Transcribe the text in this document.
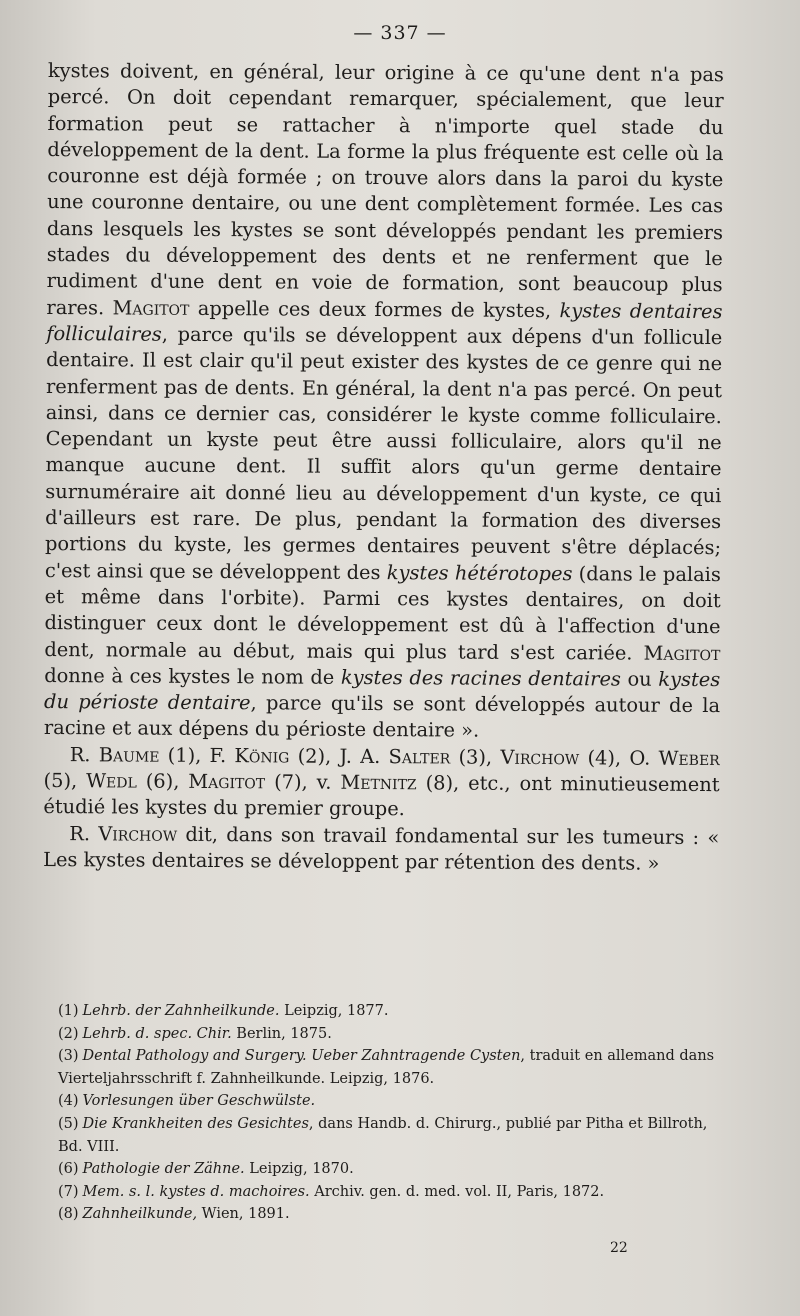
— 337 —

kystes doivent, en général, leur origine à ce qu'une dent n'a pas percé. On doit cependant remarquer, spécialement, que leur formation peut se rattacher à n'importe quel stade du développement de la dent. La forme la plus fréquente est celle où la couronne est déjà formée ; on trouve alors dans la paroi du kyste une couronne dentaire, ou une dent complètement formée. Les cas dans lesquels les kystes se sont développés pendant les premiers stades du développement des dents et ne renferment que le rudiment d'une dent en voie de formation, sont beaucoup plus rares. Magitot appelle ces deux formes de kystes, kystes dentaires folliculaires, parce qu'ils se développent aux dépens d'un follicule dentaire. Il est clair qu'il peut exister des kystes de ce genre qui ne renferment pas de dents. En général, la dent n'a pas percé. On peut ainsi, dans ce dernier cas, considérer le kyste comme folliculaire. Cependant un kyste peut être aussi folliculaire, alors qu'il ne manque aucune dent. Il suffit alors qu'un germe dentaire surnuméraire ait donné lieu au développement d'un kyste, ce qui d'ailleurs est rare. De plus, pendant la formation des diverses portions du kyste, les germes dentaires peuvent s'être déplacés; c'est ainsi que se développent des kystes hétérotopes (dans le palais et même dans l'orbite). Parmi ces kystes dentaires, on doit distinguer ceux dont le développement est dû à l'affection d'une dent, normale au début, mais qui plus tard s'est cariée. Magitot donne à ces kystes le nom de kystes des racines dentaires ou kystes du périoste dentaire, parce qu'ils se sont développés autour de la racine et aux dépens du périoste dentaire ».

R. Baume (1), F. König (2), J. A. Salter (3), Virchow (4), O. Weber (5), Wedl (6), Magitot (7), v. Metnitz (8), etc., ont minutieusement étudié les kystes du premier groupe.

R. Virchow dit, dans son travail fondamental sur les tumeurs : « Les kystes dentaires se développent par rétention des dents. »

(1) Lehrb. der Zahnheilkunde. Leipzig, 1877.

(2) Lehrb. d. spec. Chir. Berlin, 1875.

(3) Dental Pathology and Surgery. Ueber Zahntragende Cysten, traduit en allemand dans Vierteljahrsschrift f. Zahnheilkunde. Leipzig, 1876.

(4) Vorlesungen über Geschwülste.

(5) Die Krankheiten des Gesichtes, dans Handb. d. Chirurg., publié par Pitha et Billroth, Bd. VIII.

(6) Pathologie der Zähne. Leipzig, 1870.

(7) Mem. s. l. kystes d. machoires. Archiv. gen. d. med. vol. II, Paris, 1872.

(8) Zahnheilkunde, Wien, 1891.

22
